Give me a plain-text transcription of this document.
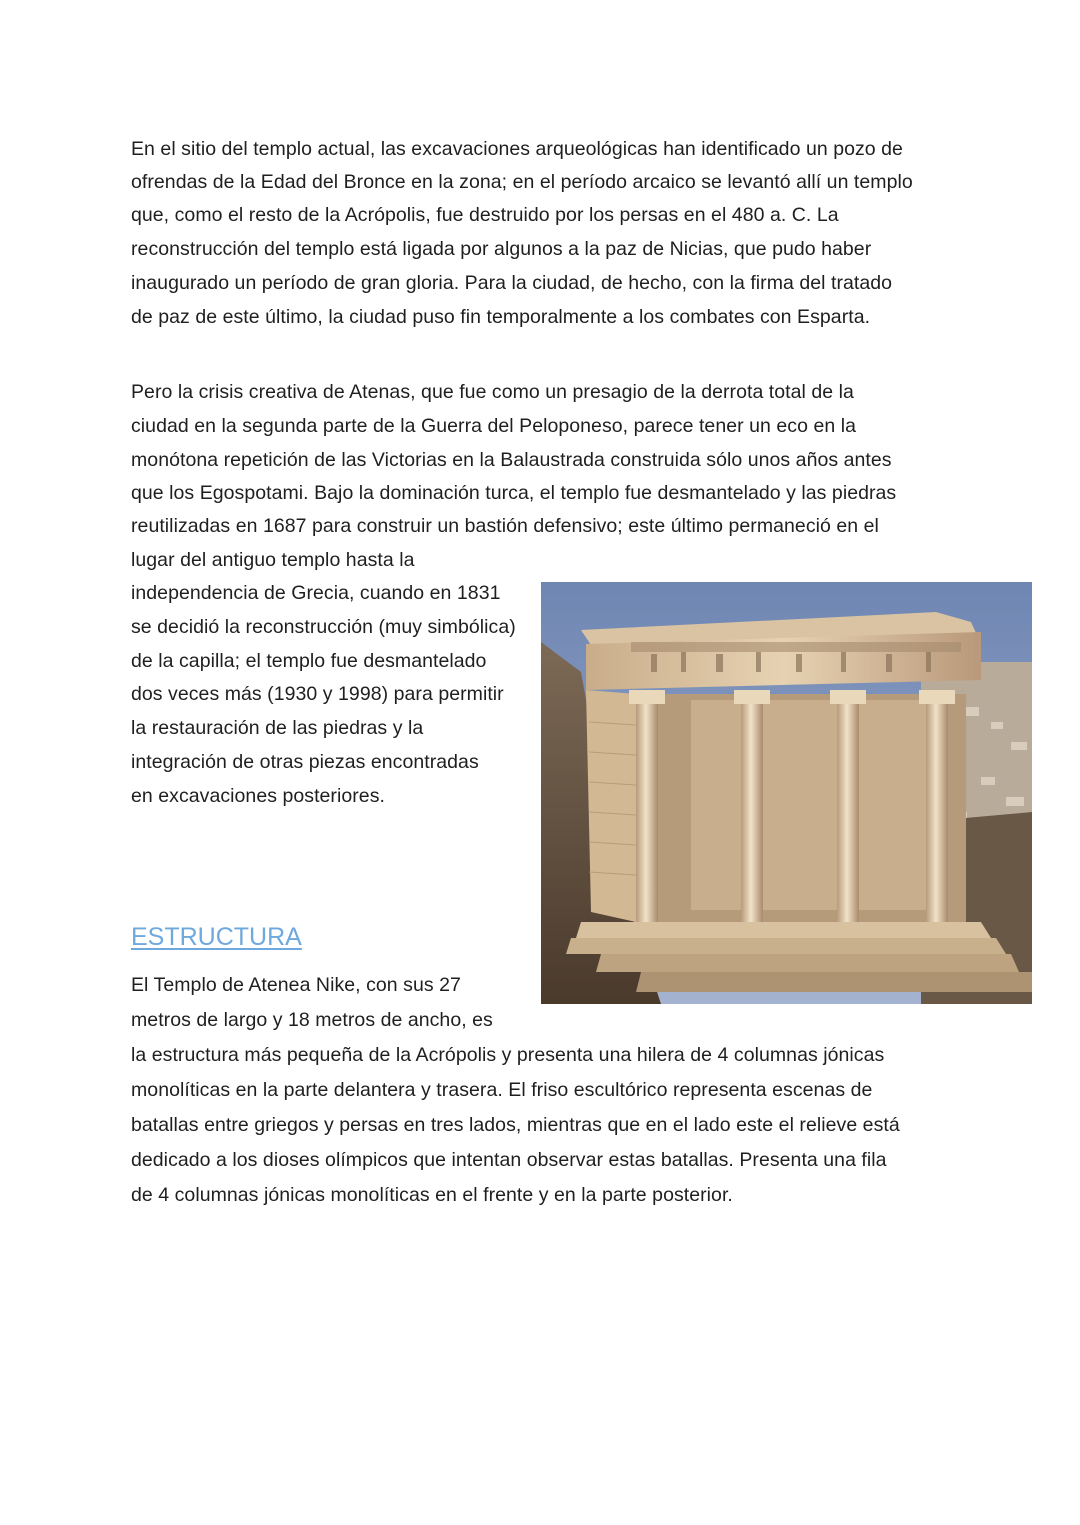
En el sitio del templo actual, las excavaciones arqueológicas han identificado un pozo de
ofrendas de la Edad del Bronce en la zona; en el período arcaico se levantó allí un templo
que, como el resto de la Acrópolis, fue destruido por los persas en el 480 a. C. La
reconstrucción del templo está ligada por algunos a la paz de Nicias, que pudo haber
inaugurado un período de gran gloria. Para la ciudad, de hecho, con la firma del tratado
de paz de este último, la ciudad puso fin temporalmente a los combates con Esparta.
Pero la crisis creativa de Atenas, que fue como un presagio de la derrota total de la
ciudad en la segunda parte de la Guerra del Peloponeso, parece tener un eco en la
monótona repetición de las Victorias en la Balaustrada construida sólo unos años antes
que los Egospotami. Bajo la dominación turca, el templo fue desmantelado y las piedras
reutilizadas en 1687 para construir un bastión defensivo; este último permaneció en el
lugar del antiguo templo hasta la
independencia de Grecia, cuando en 1831
se decidió la reconstrucción (muy simbólica)
de la capilla; el templo fue desmantelado
dos veces más (1930 y 1998) para permitir
la restauración de las piedras y la
integración de otras piezas encontradas
en excavaciones posteriores.
ESTRUCTURA
El Templo de Atenea Nike, con sus 27
metros de largo y 18 metros de ancho, es
la estructura más pequeña de la Acrópolis y presenta una hilera de 4 columnas jónicas
monolíticas en la parte delantera y trasera. El friso escultórico representa escenas de
batallas entre griegos y persas en tres lados, mientras que en el lado este el relieve está
dedicado a los dioses olímpicos que intentan observar estas batallas. Presenta una fila
de 4 columnas jónicas monolíticas en el frente y en la parte posterior.
